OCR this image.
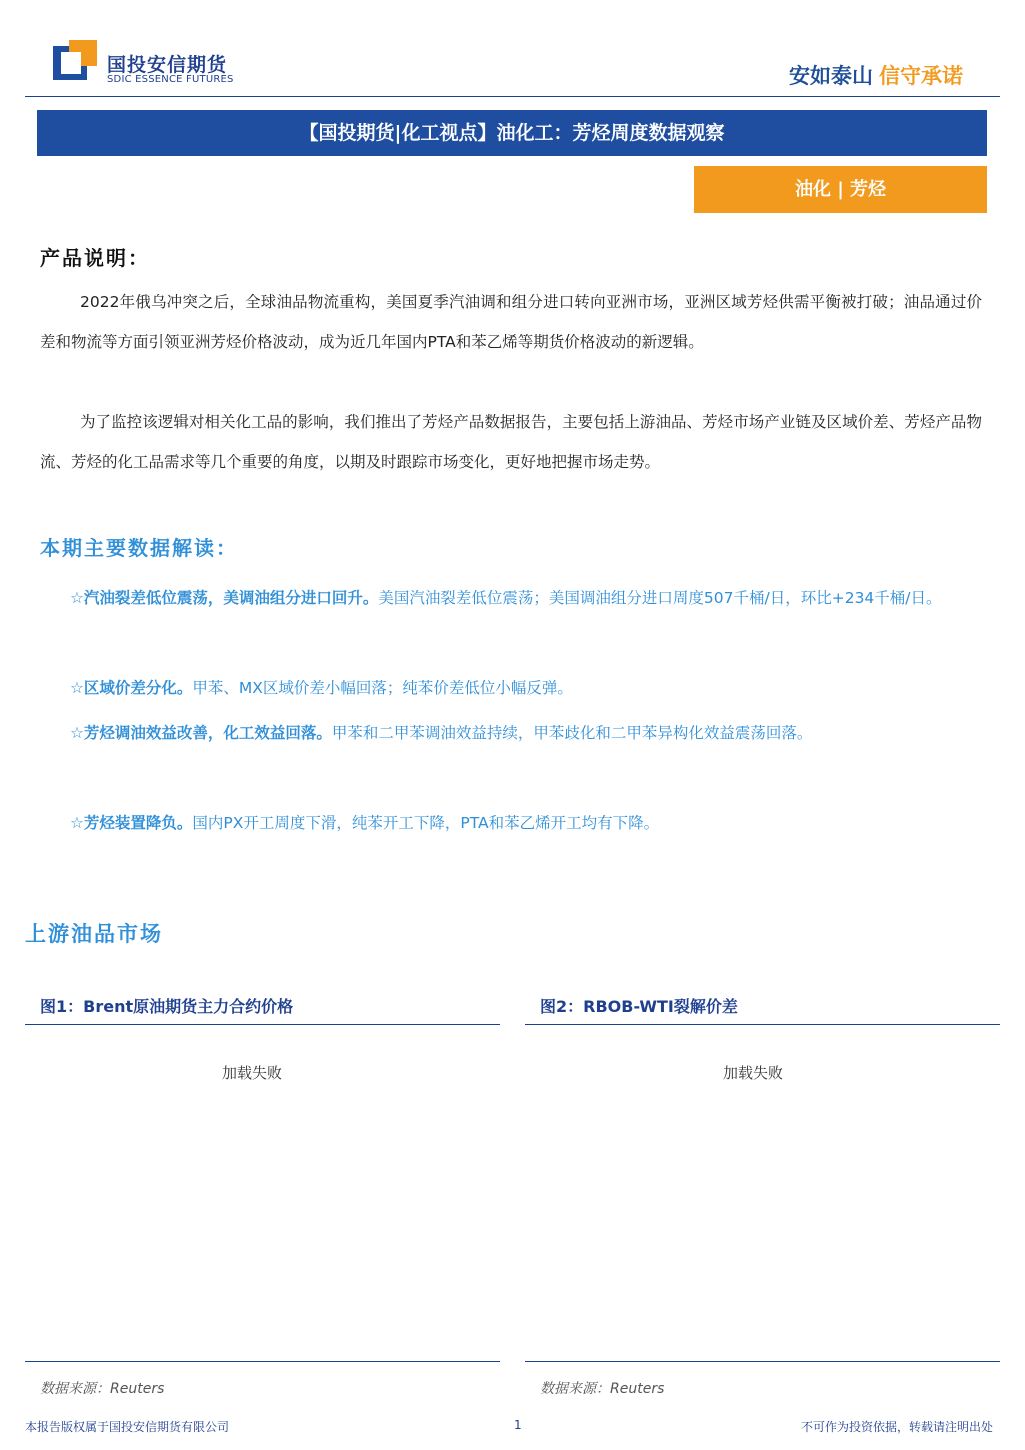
国投安信期货
SDIC ESSENCE FUTURES	安如泰山 信守承诺
【国投期货|化工视点】油化工：芳烃周度数据观察
油化 | 芳烃
产品说明：

2022年俄乌冲突之后，全球油品物流重构，美国夏季汽油调和组分进口转向亚洲市场，亚洲区域芳烃供需平衡被打破；油品通过价差和物流等方面引领亚洲芳烃价格波动，成为近几年国内PTA和苯乙烯等期货价格波动的新逻辑。

为了监控该逻辑对相关化工品的影响，我们推出了芳烃产品数据报告，主要包括上游油品、芳烃市场产业链及区域价差、芳烃产品物流、芳烃的化工品需求等几个重要的角度，以期及时跟踪市场变化，更好地把握市场走势。

本期主要数据解读：

☆汽油裂差低位震荡，美调油组分进口回升。美国汽油裂差低位震荡；美国调油组分进口周度507千桶/日，环比+234千桶/日。

☆区域价差分化。甲苯、MX区域价差小幅回落；纯苯价差低位小幅反弹。

☆芳烃调油效益改善，化工效益回落。甲苯和二甲苯调油效益持续，甲苯歧化和二甲苯异构化效益震荡回落。

☆芳烃装置降负。国内PX开工周度下滑，纯苯开工下降，PTA和苯乙烯开工均有下降。

上游油品市场
图1：Brent原油期货主力合约价格
加载失败
数据来源：Reuters
图2：RBOB-WTI裂解价差
加载失败
数据来源：Reuters
本报告版权属于国投安信期货有限公司	1	不可作为投资依据，转载请注明出处
